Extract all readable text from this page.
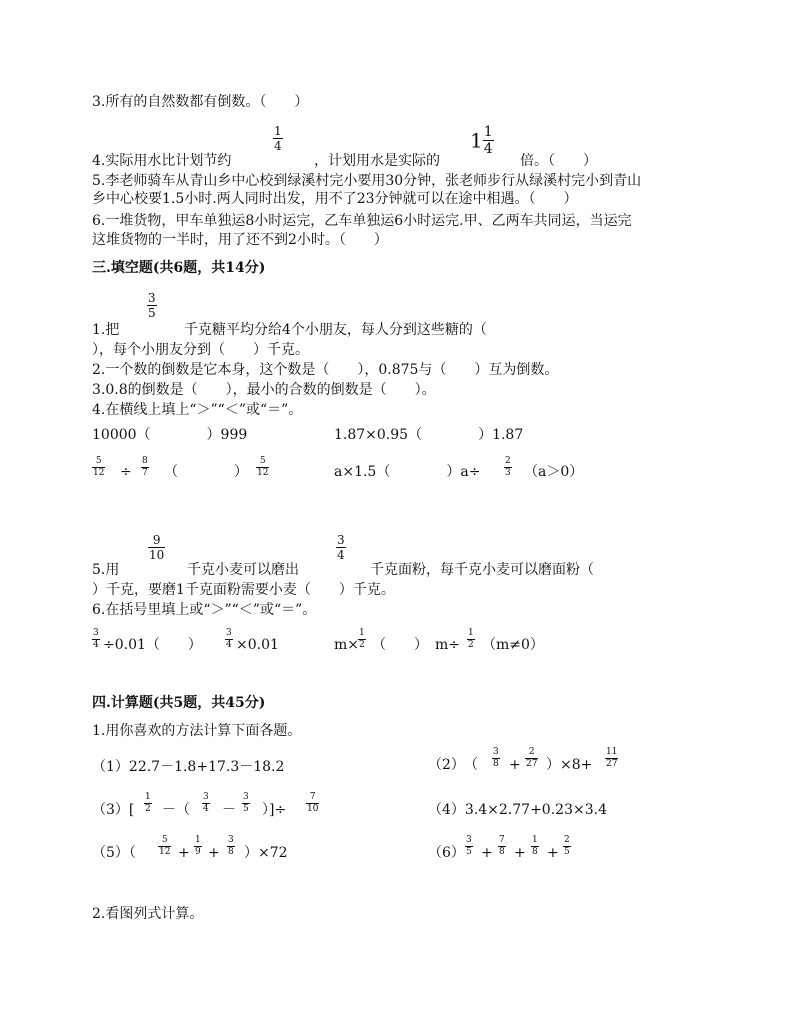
3.所有的自然数都有倒数。（　　）
4.实际用水比计划节约
1
4
，计划用水是实际的
$1 \frac{1}{4}$
倍。（　　）
5.李老师骑车从青山乡中心校到绿溪村完小要用30分钟，张老师步行从绿溪村完小到青山
乡中心校要1.5小时.两人同时出发，用不了23分钟就可以在途中相遇。（　　）
6.一堆货物，甲车单独运8小时运完，乙车单独运6小时运完.甲、乙两车共同运，当运完
这堆货物的一半时，用了还不到2小时。（　　）
三.填空题(共6题，共14分)
1.把
3
5
千克糖平均分给4个小朋友，每人分到这些糖的（
），每个小朋友分到（　　）千克。
2.一个数的倒数是它本身，这个数是（　　），0.875与（　　）互为倒数。
3.0.8的倒数是（　　），最小的合数的倒数是（　　）。
4.在横线上填上“＞”“＜”或“＝”。
10000（　　　　）999	1.87×0.95（　　　　）1.87
5
12 ÷
8
7 （　　　　）
5
12	a×1.5（　　　　）a÷
2
3 （a＞0）
5.用
9
10
千克小麦可以磨出
3
4
千克面粉，每千克小麦可以磨面粉（
）千克，要磨1千克面粉需要小麦（　　）千克。
6.在括号里填上或“＞”“＜”或“＝”。
3
4 ÷0.01（　　）
3
4 ×0.01	m×
1
2 （　　）　m÷
1
2 （m≠0）
四.计算题(共5题，共45分)
1.用你喜欢的方法计算下面各题。
（1）22.7－1.8+17.3－18.2	（2） （
3
8 +
2
27 ）×8+
11
27
（3）[
1
2 －（
3
4 －
3
5 ）]÷
7
10	（4）3.4×2.77+0.23×3.4
（5）（
5
12 +
1
9 +
3
8 ）×72	（6）
3
5 +
7
8 +
1
8 +
2
5
2.看图列式计算。
